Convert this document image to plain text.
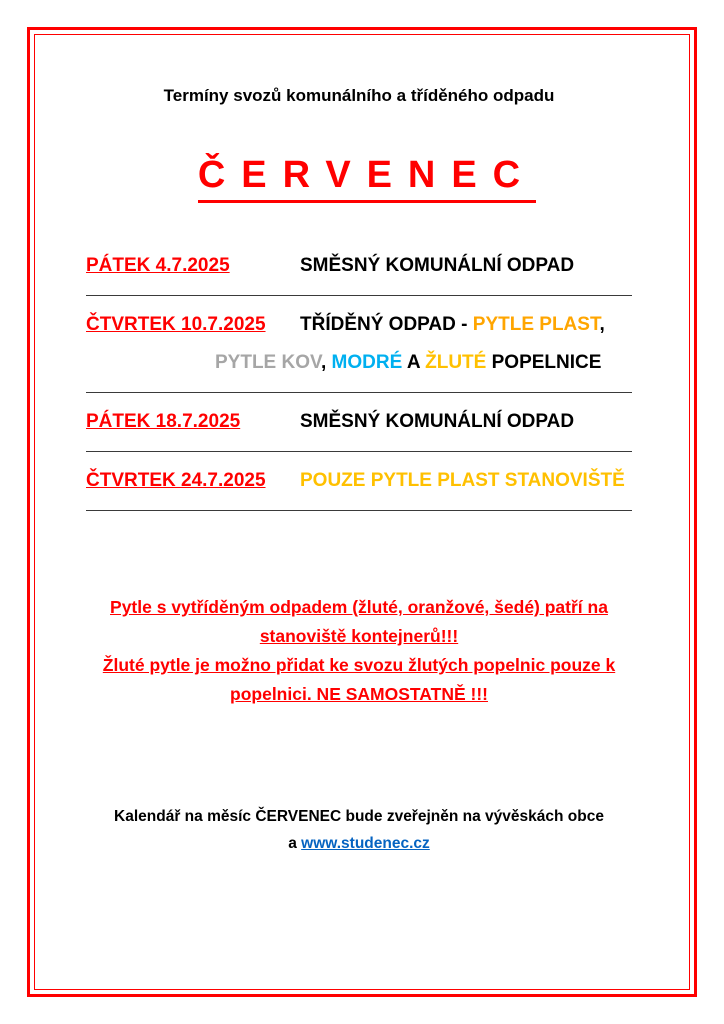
Termíny svozů komunálního a tříděného odpadu
ČERVENEC
PÁTEK 4.7.2025	SMĚSNÝ KOMUNÁLNÍ ODPAD
ČTVRTEK 10.7.2025	TŘÍDĚNÝ ODPAD - PYTLE PLAST,
PYTLE KOV, MODRÉ A ŽLUTÉ POPELNICE
PÁTEK 18.7.2025	SMĚSNÝ KOMUNÁLNÍ ODPAD
ČTVRTEK 24.7.2025	POUZE PYTLE PLAST STANOVIŠTĚ

Pytle s vytříděným odpadem (žluté, oranžové, šedé) patří na stanoviště kontejnerů!!!

Žluté pytle je možno přidat ke svozu žlutých popelnic pouze k popelnici. NE SAMOSTATNĚ !!!

Kalendář na měsíc ČERVENEC bude zveřejněn na vývěskách obce
a www.studenec.cz
